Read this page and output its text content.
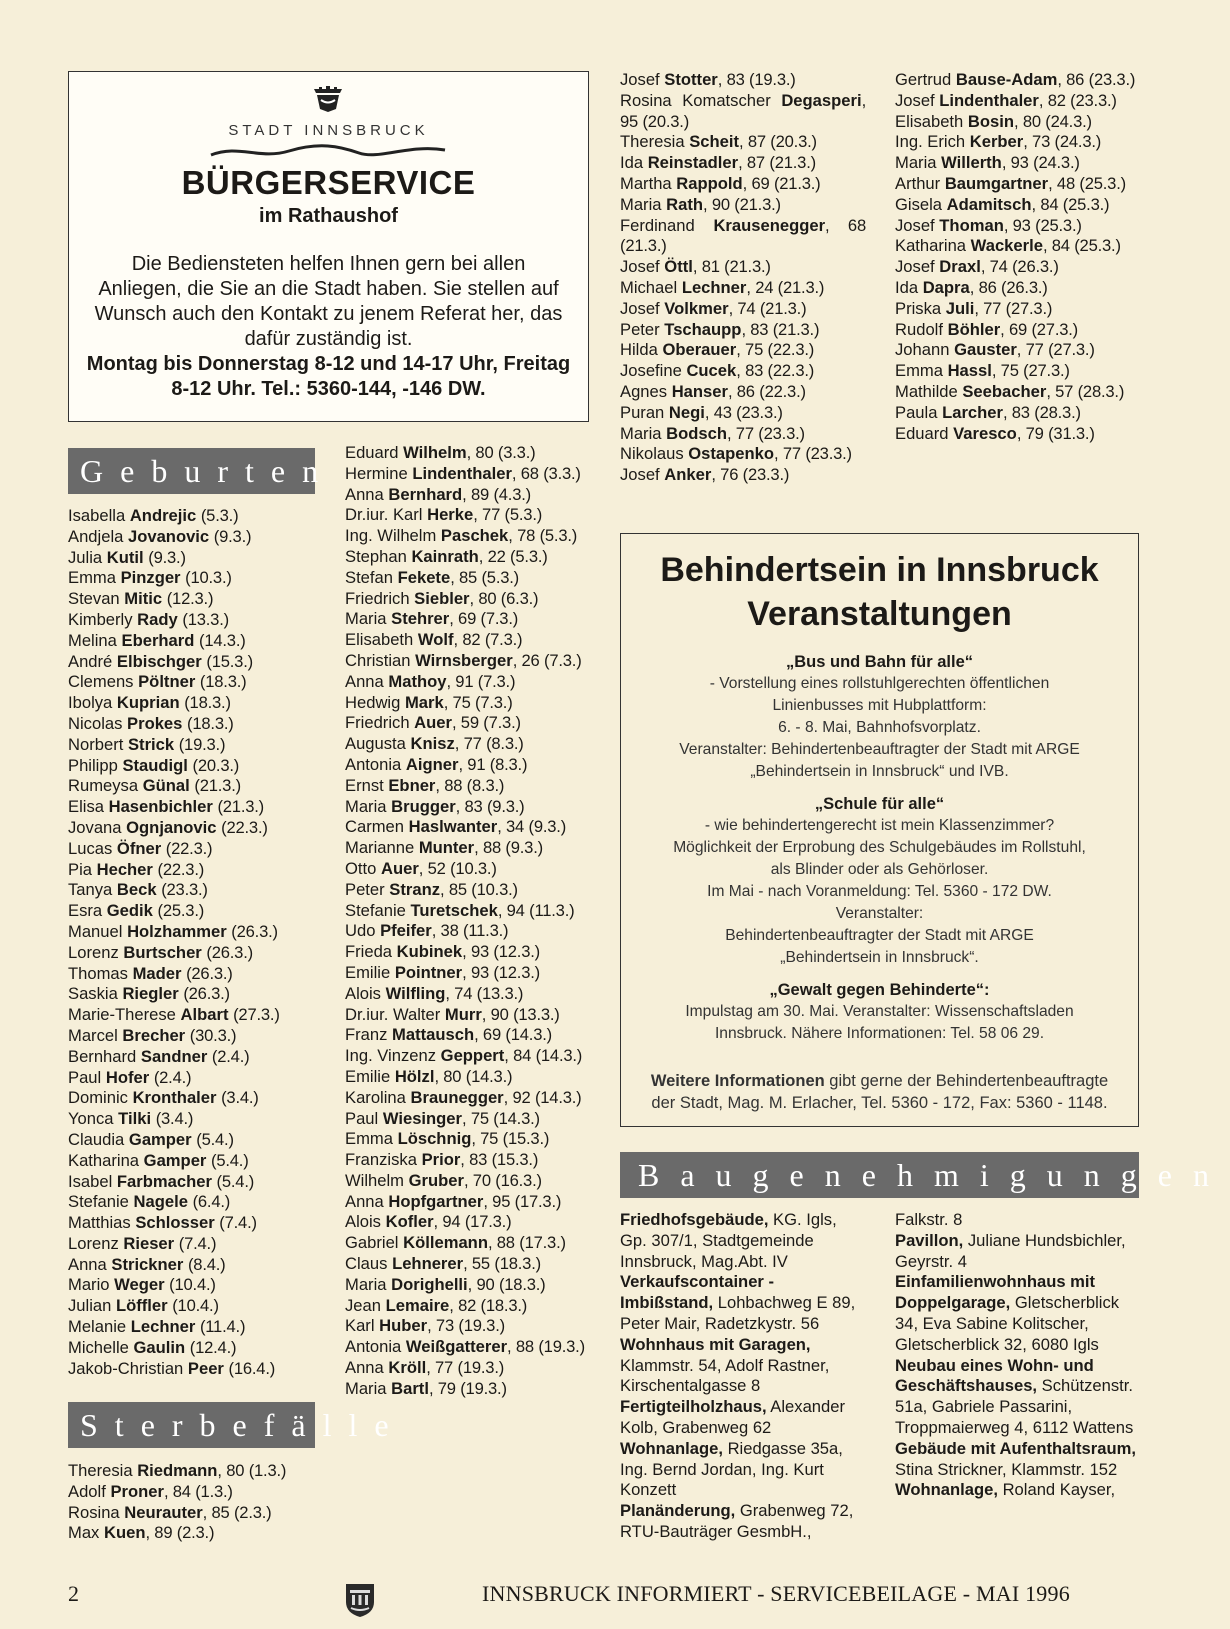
STADT INNSBRUCK
BÜRGERSERVICE
im Rathaushof
Die Bediensteten helfen Ihnen gern bei allen Anliegen, die Sie an die Stadt haben. Sie stellen auf Wunsch auch den Kontakt zu jenem Referat her, das dafür zuständig ist.
Montag bis Donnerstag 8-12 und 14-17 Uhr, Freitag 8-12 Uhr. Tel.: 5360-144, -146 DW.
Geburten
Isabella Andrejic (5.3.)
Andjela Jovanovic (9.3.)
Julia Kutil (9.3.)
Emma Pinzger (10.3.)
Stevan Mitic (12.3.)
Kimberly Rady (13.3.)
Melina Eberhard (14.3.)
André Elbischger (15.3.)
Clemens Pöltner (18.3.)
Ibolya Kuprian (18.3.)
Nicolas Prokes (18.3.)
Norbert Strick (19.3.)
Philipp Staudigl (20.3.)
Rumeysa Günal (21.3.)
Elisa Hasenbichler (21.3.)
Jovana Ognjanovic (22.3.)
Lucas Öfner (22.3.)
Pia Hecher (22.3.)
Tanya Beck (23.3.)
Esra Gedik (25.3.)
Manuel Holzhammer (26.3.)
Lorenz Burtscher (26.3.)
Thomas Mader (26.3.)
Saskia Riegler (26.3.)
Marie-Therese Albart (27.3.)
Marcel Brecher (30.3.)
Bernhard Sandner (2.4.)
Paul Hofer (2.4.)
Dominic Kronthaler (3.4.)
Yonca Tilki (3.4.)
Claudia Gamper (5.4.)
Katharina Gamper (5.4.)
Isabel Farbmacher (5.4.)
Stefanie Nagele (6.4.)
Matthias Schlosser (7.4.)
Lorenz Rieser (7.4.)
Anna Strickner (8.4.)
Mario Weger (10.4.)
Julian Löffler (10.4.)
Melanie Lechner (11.4.)
Michelle Gaulin (12.4.)
Jakob-Christian Peer (16.4.)
Sterbefälle
Theresia Riedmann, 80 (1.3.)
Adolf Proner, 84 (1.3.)
Rosina Neurauter, 85 (2.3.)
Max Kuen, 89 (2.3.)
Eduard Wilhelm, 80 (3.3.)
Hermine Lindenthaler, 68 (3.3.)
Anna Bernhard, 89 (4.3.)
Dr.iur. Karl Herke, 77 (5.3.)
Ing. Wilhelm Paschek, 78 (5.3.)
Stephan Kainrath, 22 (5.3.)
Stefan Fekete, 85 (5.3.)
Friedrich Siebler, 80 (6.3.)
Maria Stehrer, 69 (7.3.)
Elisabeth Wolf, 82 (7.3.)
Christian Wirnsberger, 26 (7.3.)
Anna Mathoy, 91 (7.3.)
Hedwig Mark, 75 (7.3.)
Friedrich Auer, 59 (7.3.)
Augusta Knisz, 77 (8.3.)
Antonia Aigner, 91 (8.3.)
Ernst Ebner, 88 (8.3.)
Maria Brugger, 83 (9.3.)
Carmen Haslwanter, 34 (9.3.)
Marianne Munter, 88 (9.3.)
Otto Auer, 52 (10.3.)
Peter Stranz, 85 (10.3.)
Stefanie Turetschek, 94 (11.3.)
Udo Pfeifer, 38 (11.3.)
Frieda Kubinek, 93 (12.3.)
Emilie Pointner, 93 (12.3.)
Alois Wilfling, 74 (13.3.)
Dr.iur. Walter Murr, 90 (13.3.)
Franz Mattausch, 69 (14.3.)
Ing. Vinzenz Geppert, 84 (14.3.)
Emilie Hölzl, 80 (14.3.)
Karolina Braunegger, 92 (14.3.)
Paul Wiesinger, 75 (14.3.)
Emma Löschnig, 75 (15.3.)
Franziska Prior, 83 (15.3.)
Wilhelm Gruber, 70 (16.3.)
Anna Hopfgartner, 95 (17.3.)
Alois Kofler, 94 (17.3.)
Gabriel Köllemann, 88 (17.3.)
Claus Lehnerer, 55 (18.3.)
Maria Dorighelli, 90 (18.3.)
Jean Lemaire, 82 (18.3.)
Karl Huber, 73 (19.3.)
Antonia Weißgatterer, 88 (19.3.)
Anna Kröll, 77 (19.3.)
Maria Bartl, 79 (19.3.)
Josef Stotter, 83 (19.3.)
Rosina Komatscher Degasperi, 95 (20.3.)
Theresia Scheit, 87 (20.3.)
Ida Reinstadler, 87 (21.3.)
Martha Rappold, 69 (21.3.)
Maria Rath, 90 (21.3.)
Ferdinand Krausenegger, 68 (21.3.)
Josef Öttl, 81 (21.3.)
Michael Lechner, 24 (21.3.)
Josef Volkmer, 74 (21.3.)
Peter Tschaupp, 83 (21.3.)
Hilda Oberauer, 75 (22.3.)
Josefine Cucek, 83 (22.3.)
Agnes Hanser, 86 (22.3.)
Puran Negi, 43 (23.3.)
Maria Bodsch, 77 (23.3.)
Nikolaus Ostapenko, 77 (23.3.)
Josef Anker, 76 (23.3.)
Gertrud Bause-Adam, 86 (23.3.)
Josef Lindenthaler, 82 (23.3.)
Elisabeth Bosin, 80 (24.3.)
Ing. Erich Kerber, 73 (24.3.)
Maria Willerth, 93 (24.3.)
Arthur Baumgartner, 48 (25.3.)
Gisela Adamitsch, 84 (25.3.)
Josef Thoman, 93 (25.3.)
Katharina Wackerle, 84 (25.3.)
Josef Draxl, 74 (26.3.)
Ida Dapra, 86 (26.3.)
Priska Juli, 77 (27.3.)
Rudolf Böhler, 69 (27.3.)
Johann Gauster, 77 (27.3.)
Emma Hassl, 75 (27.3.)
Mathilde Seebacher, 57 (28.3.)
Paula Larcher, 83 (28.3.)
Eduard Varesco, 79 (31.3.)
Behindertsein in Innsbruck
Veranstaltungen
„Bus und Bahn für alle“
- Vorstellung eines rollstuhlgerechten öffentlichen
Linienbusses mit Hubplattform:
6. - 8. Mai, Bahnhofsvorplatz.
Veranstalter: Behindertenbeauftragter der Stadt mit ARGE
„Behindertsein in Innsbruck“ und IVB.
„Schule für alle“
- wie behindertengerecht ist mein Klassenzimmer?
Möglichkeit der Erprobung des Schulgebäudes im Rollstuhl,
als Blinder oder als Gehörloser.
Im Mai - nach Voranmeldung: Tel. 5360 - 172 DW.
Veranstalter:
Behindertenbeauftragter der Stadt mit ARGE
„Behindertsein in Innsbruck“.
„Gewalt gegen Behinderte“:
Impulstag am 30. Mai. Veranstalter: Wissenschaftsladen
Innsbruck. Nähere Informationen: Tel. 58 06 29.
Weitere Informationen gibt gerne der Behindertenbeauftragte
der Stadt, Mag. M. Erlacher, Tel. 5360 - 172, Fax: 5360 - 1148.
Baugenehmigungen
Friedhofsgebäude, KG. Igls, Gp. 307/1, Stadtgemeinde Innsbruck, Mag.Abt. IV
Verkaufscontainer - Imbißstand, Lohbachweg E 89, Peter Mair, Radetzkystr. 56
Wohnhaus mit Garagen, Klammstr. 54, Adolf Rastner, Kirschentalgasse 8
Fertigteilholzhaus, Alexander Kolb, Grabenweg 62
Wohnanlage, Riedgasse 35a, Ing. Bernd Jordan, Ing. Kurt Konzett
Planänderung, Grabenweg 72, RTU-Bauträger GesmbH.,
Falkstr. 8
Pavillon, Juliane Hundsbichler, Geyrstr. 4
Einfamilienwohnhaus mit Doppelgarage, Gletscherblick 34, Eva Sabine Kolitscher, Gletscherblick 32, 6080 Igls
Neubau eines Wohn- und Geschäftshauses, Schützenstr. 51a, Gabriele Passarini, Troppmaierweg 4, 6112 Wattens
Gebäude mit Aufenthaltsraum, Stina Strickner, Klammstr. 152
Wohnanlage, Roland Kayser,
2	INNSBRUCK INFORMIERT - SERVICEBEILAGE - MAI 1996
